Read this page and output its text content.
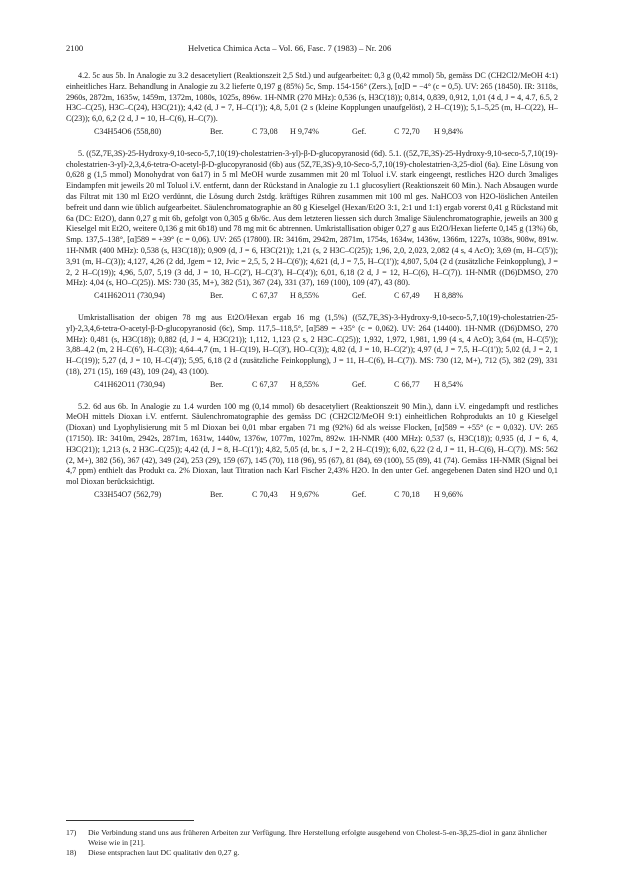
2100	Helvetica Chimica Acta – Vol. 66, Fasc. 7 (1983) – Nr. 206

4.2. 5c aus 5b. In Analogie zu 3.2 desacetyliert (Reaktionszeit 2,5 Std.) und aufgearbeitet: 0,3 g (0,42 mmol) 5b, gemäss DC (CH2Cl2/MeOH 4:1) einheitliches Harz. Behandlung in Analogie zu 3.2 lieferte 0,197 g (85%) 5c, Smp. 154-156° (Zers.), [α]D = −4° (c = 0,5). UV: 265 (18450). IR: 3118s, 2960s, 2872m, 1635w, 1459m, 1372m, 1080s, 1025s, 896w. 1H-NMR (270 MHz): 0,536 (s, H3C(18)); 0,814, 0,839, 0,912, 1,01 (4 d, J = 4, 4.7, 6.5, 2 H3C–C(25), H3C–C(24), H3C(21)); 4,42 (d, J = 7, H–C(1')); 4,8, 5,01 (2 s (kleine Kopplungen unaufgelöst), 2 H–C(19)); 5,1–5,25 (m, H–C(22), H–C(23)); 6,0, 6,2 (2 d, J = 10, H–C(6), H–C(7)).

C34H54O6 (558,80)	Ber.	C 73,08	H 9,74%	Gef.	C 72,70	H 9,84%

5. ((5Z,7E,3S)-25-Hydroxy-9,10-seco-5,7,10(19)-cholestatrien-3-yl)-β-D-glucopyranosid (6d). 5.1. ((5Z,7E,3S)-25-Hydroxy-9,10-seco-5,7,10(19)-cholestatrien-3-yl)-2,3,4,6-tetra-O-acetyl-β-D-glucopyranosid (6b) aus (5Z,7E,3S)-9,10-Seco-5,7,10(19)-cholestatrien-3,25-diol (6a). Eine Lösung von 0,628 g (1,5 mmol) Monohydrat von 6a17) in 5 ml MeOH wurde zusammen mit 20 ml Toluol i.V. stark eingeengt, restliches H2O durch 3maliges Eindampfen mit jeweils 20 ml Toluol i.V. entfernt, dann der Rückstand in Analogie zu 1.1 glucosyliert (Reaktionszeit 60 Min.). Nach Absaugen wurde das Filtrat mit 130 ml Et2O verdünnt, die Lösung durch 2stdg. kräftiges Rühren zusammen mit 100 ml ges. NaHCO3 von H2O-löslichen Anteilen befreit und dann wie üblich aufgearbeitet. Säulenchromatographie an 80 g Kieselgel (Hexan/Et2O 3:1, 2:1 und 1:1) ergab vorerst 0,41 g Rückstand mit 6a (DC: Et2O), dann 0,27 g mit 6b, gefolgt von 0,305 g 6b/6c. Aus dem letzteren liessen sich durch 3malige Säulenchromatographie, jeweils an 300 g Kieselgel mit Et2O, weitere 0,136 g mit 6b18) und 78 mg mit 6c abtrennen. Umkristallisation obiger 0,27 g aus Et2O/Hexan lieferte 0,145 g (13%) 6b, Smp. 137,5–138°, [α]589 = +39° (c = 0,06). UV: 265 (17800). IR: 3416m, 2942m, 2871m, 1754s, 1634w, 1436w, 1366m, 1227s, 1038s, 908w, 891w. 1H-NMR (400 MHz): 0,538 (s, H3C(18)); 0,909 (d, J = 6, H3C(21)); 1,21 (s, 2 H3C–C(25)); 1,96, 2,0, 2,023, 2,082 (4 s, 4 AcO); 3,69 (m, H–C(5')); 3,91 (m, H–C(3)); 4,127, 4,26 (2 dd, Jgem = 12, Jvic = 2,5, 5, 2 H–C(6')); 4,621 (d, J = 7,5, H–C(1')); 4,807, 5,04 (2 d (zusätzliche Feinkopplung), J = 2, 2 H–C(19)); 4,96, 5,07, 5,19 (3 dd, J = 10, H–C(2'), H–C(3'), H–C(4')); 6,01, 6,18 (2 d, J = 12, H–C(6), H–C(7)). 1H-NMR ((D6)DMSO, 270 MHz): 4,04 (s, HO–C(25)). MS: 730 (35, M+), 382 (51), 367 (24), 331 (37), 169 (100), 109 (47), 43 (80).

C41H62O11 (730,94)	Ber.	C 67,37	H 8,55%	Gef.	C 67,49	H 8,88%

Umkristallisation der obigen 78 mg aus Et2O/Hexan ergab 16 mg (1,5%) ((5Z,7E,3S)-3-Hydroxy-9,10-seco-5,7,10(19)-cholestatrien-25-yl)-2,3,4,6-tetra-O-acetyl-β-D-glucopyranosid (6c), Smp. 117,5–118,5°, [α]589 = +35° (c = 0,062). UV: 264 (14400). 1H-NMR ((D6)DMSO, 270 MHz): 0,481 (s, H3C(18)); 0,882 (d, J = 4, H3C(21)); 1,112, 1,123 (2 s, 2 H3C–C(25)); 1,932, 1,972, 1,981, 1,99 (4 s, 4 AcO); 3,64 (m, H–C(5')); 3,88–4,2 (m, 2 H–C(6'), H–C(3)); 4,64–4,7 (m, 1 H–C(19), H–C(3'), HO–C(3)); 4,82 (d, J = 10, H–C(2')); 4,97 (d, J = 7,5, H–C(1')); 5,02 (d, J = 2, 1 H–C(19)); 5,27 (d, J = 10, H–C(4')); 5,95, 6,18 (2 d (zusätzliche Feinkopplung), J = 11, H–C(6), H–C(7)). MS: 730 (12, M+), 712 (5), 382 (29), 331 (18), 271 (15), 169 (43), 109 (24), 43 (100).

C41H62O11 (730,94)	Ber.	C 67,37	H 8,55%	Gef.	C 66,77	H 8,54%

5.2. 6d aus 6b. In Analogie zu 1.4 wurden 100 mg (0,14 mmol) 6b desacetyliert (Reaktionszeit 90 Min.), dann i.V. eingedampft und restliches MeOH mittels Dioxan i.V. entfernt. Säulenchromatographie des gemäss DC (CH2Cl2/MeOH 9:1) einheitlichen Rohprodukts an 10 g Kieselgel (Dioxan) und Lyophylisierung mit 5 ml Dioxan bei 0,01 mbar ergaben 71 mg (92%) 6d als weisse Flocken, [α]589 = +55° (c = 0,032). UV: 265 (17150). IR: 3410m, 2942s, 2871m, 1631w, 1440w, 1376w, 1077m, 1027m, 892w. 1H-NMR (400 MHz): 0,537 (s, H3C(18)); 0,935 (d, J = 6, 4, H3C(21)); 1,213 (s, 2 H3C–C(25)); 4,42 (d, J = 8, H–C(1')); 4,82, 5,05 (d, br. s, J = 2, 2 H–C(19)); 6,02, 6,22 (2 d, J = 11, H–C(6), H–C(7)). MS: 562 (2, M+), 382 (56), 367 (42), 349 (24), 253 (29), 159 (67), 145 (70), 118 (96), 95 (67), 81 (84), 69 (100), 55 (89), 41 (74). Gemäss 1H-NMR (Signal bei 4,7 ppm) enthielt das Produkt ca. 2% Dioxan, laut Titration nach Karl Fischer 2,43% H2O. In den unter Gef. angegebenen Daten sind H2O und 0,1 mol Dioxan berücksichtigt.

C33H54O7 (562,79)	Ber.	C 70,43	H 9,67%	Gef.	C 70,18	H 9,66%
17)	Die Verbindung stand uns aus früheren Arbeiten zur Verfügung. Ihre Herstellung erfolgte ausgehend von Cholest-5-en-3β,25-diol in ganz ähnlicher Weise wie in [21].
18)	Diese entsprachen laut DC qualitativ den 0,27 g.
